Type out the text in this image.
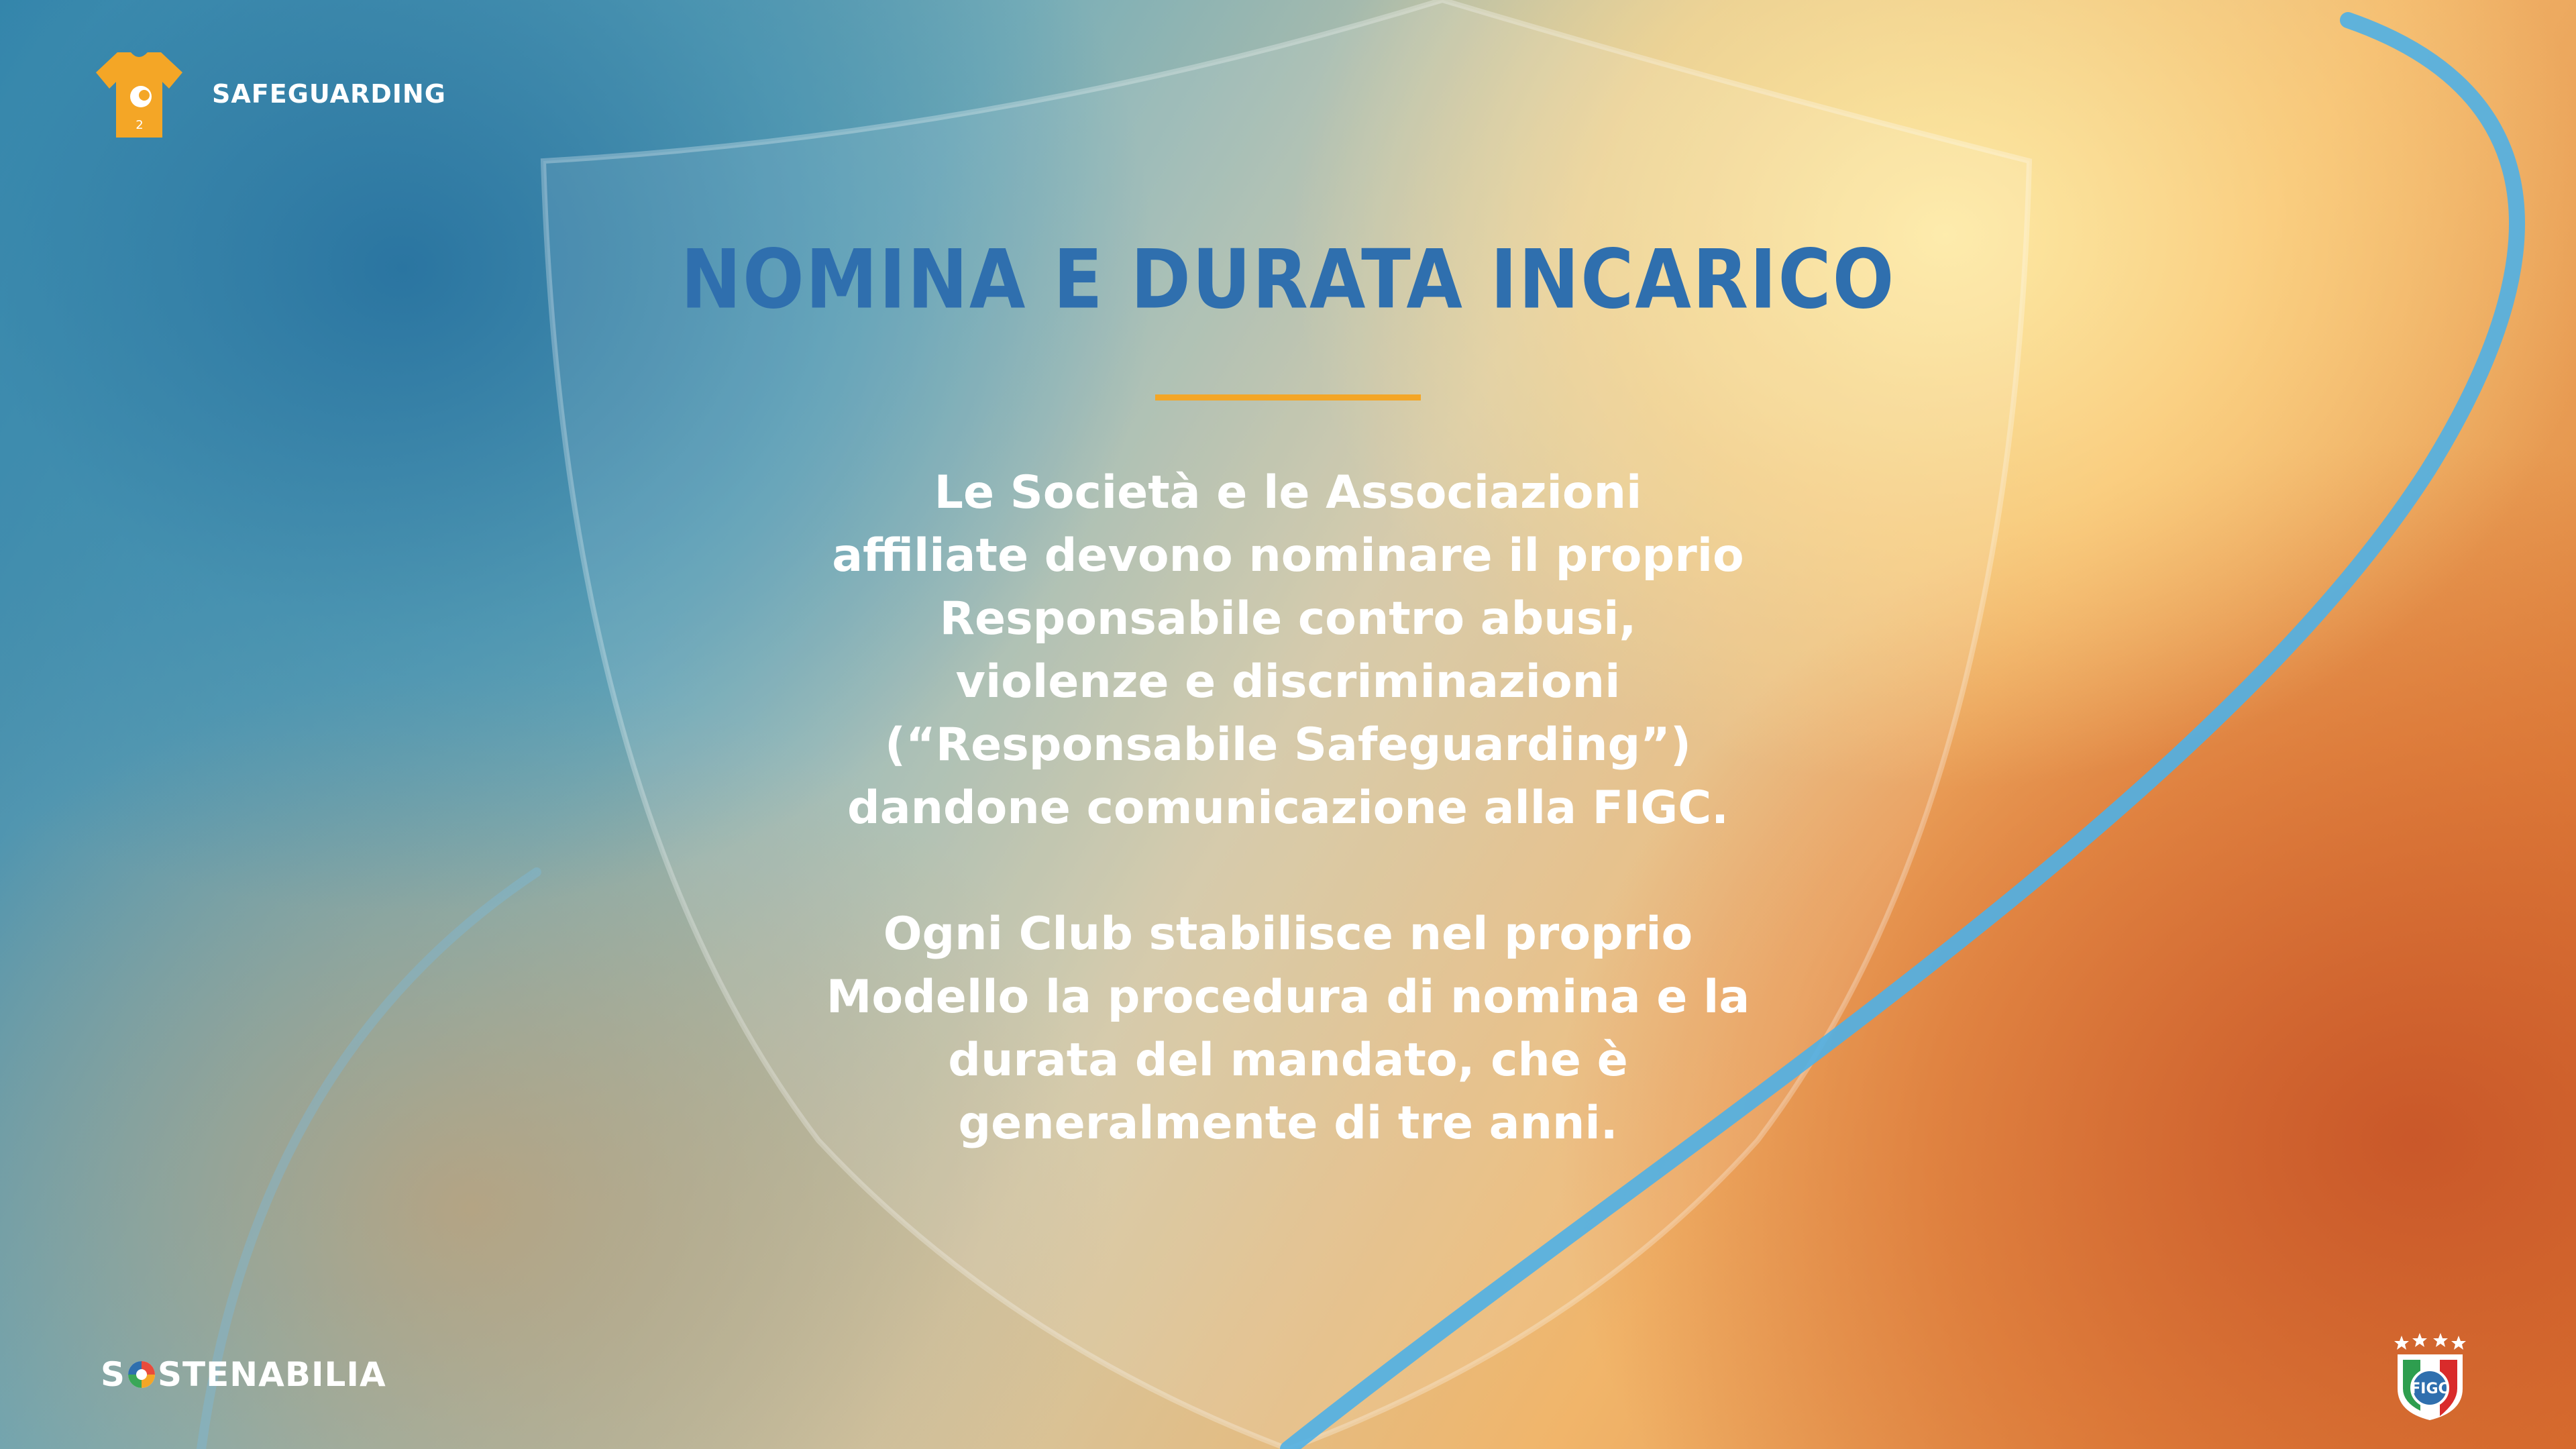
2
SAFEGUARDING
NOMINA E DURATA INCARICO

Le Società e le Associazioni
affiliate devono nominare il proprio
Responsabile contro abusi,
violenze e discriminazioni
(“Responsabile Safeguarding”)
dandone comunicazione alla FIGC.

Ogni Club stabilisce nel proprio
Modello la procedura di nomina e la
durata del mandato, che è
generalmente di tre anni.

S STENABILIA	FIGC
